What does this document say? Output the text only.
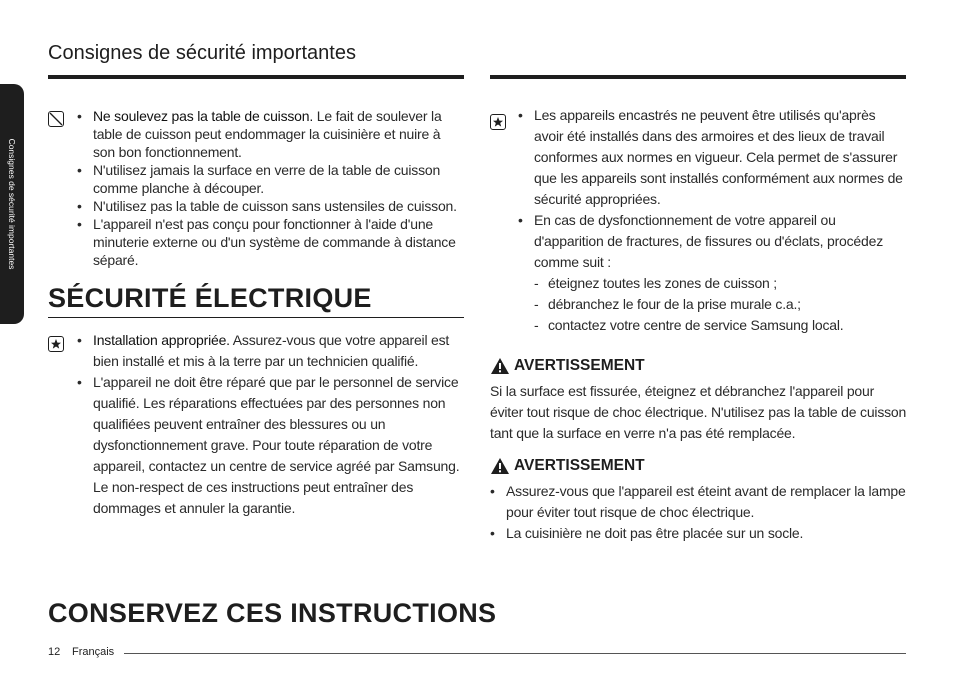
Consignes de sécurité importantes
Consignes de sécurité importantes
• Ne soulevez pas la table de cuisson. Le fait de soulever la table de cuisson peut endommager la cuisinière et nuire à son bon fonctionnement.
• N'utilisez jamais la surface en verre de la table de cuisson comme planche à découper.
• N'utilisez pas la table de cuisson sans ustensiles de cuisson.
• L'appareil n'est pas conçu pour fonctionner à l'aide d'une minuterie externe ou d'un système de commande à distance séparé.
SÉCURITÉ ÉLECTRIQUE
• Installation appropriée. Assurez-vous que votre appareil est bien installé et mis à la terre par un technicien qualifié.
• L'appareil ne doit être réparé que par le personnel de service qualifié. Les réparations effectuées par des personnes non qualifiées peuvent entraîner des blessures ou un dysfonctionnement grave. Pour toute réparation de votre appareil, contactez un centre de service agréé par Samsung. Le non-respect de ces instructions peut entraîner des dommages et annuler la garantie.
• Les appareils encastrés ne peuvent être utilisés qu'après avoir été installés dans des armoires et des lieux de travail conformes aux normes en vigueur. Cela permet de s'assurer que les appareils sont installés conformément aux normes de sécurité appropriées.
• En cas de dysfonctionnement de votre appareil ou d'apparition de fractures, de fissures ou d'éclats, procédez comme suit :
- éteignez toutes les zones de cuisson ;
- débranchez le four de la prise murale c.a.;
- contactez votre centre de service Samsung local.
AVERTISSEMENT

Si la surface est fissurée, éteignez et débranchez l'appareil pour éviter tout risque de choc électrique. N'utilisez pas la table de cuisson tant que la surface en verre n'a pas été remplacée.

AVERTISSEMENT
• Assurez-vous que l'appareil est éteint avant de remplacer la lampe pour éviter tout risque de choc électrique.
• La cuisinière ne doit pas être placée sur un socle.
CONSERVEZ CES INSTRUCTIONS
12 Français
